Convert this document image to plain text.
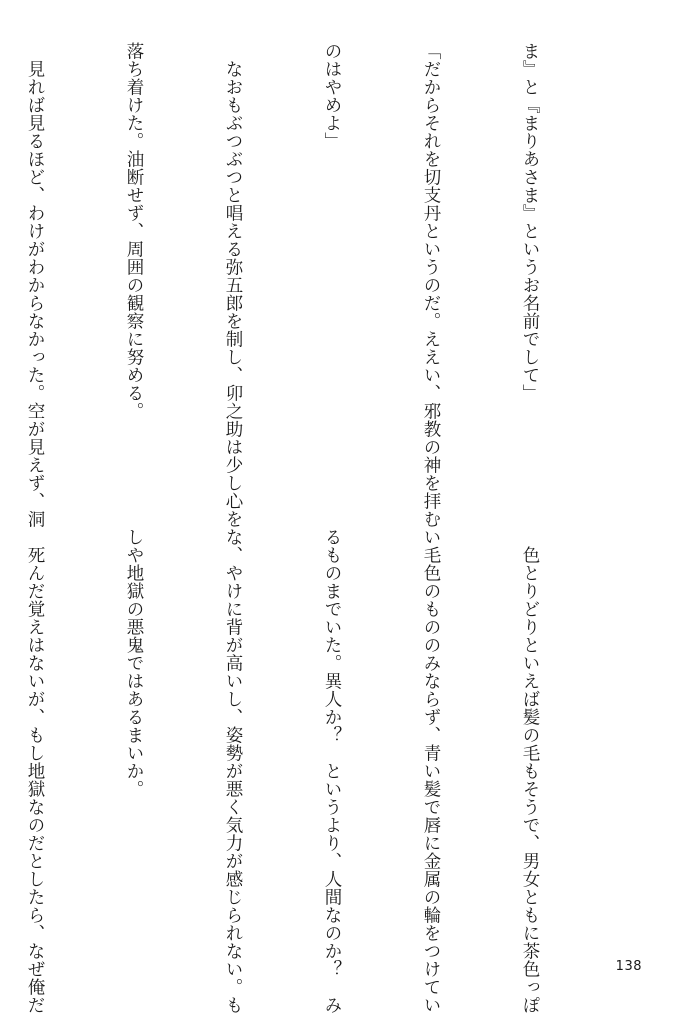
ま』と『まりあさま』というお名前でして」

「だからそれを切支丹というのだ。ええい、邪教の神を拝む

のはやめよ」

　なおもぶつぶつと唱える弥五郎を制し、卯之助は少し心を

落ち着けた。油断せず、周囲の観察に努める。

　見れば見るほど、わけがわからなかった。空が見えず、洞

　色とりどりといえば髪の毛もそうで、男女ともに茶色っぽ

い毛色のもののみならず、青い髪で唇に金属の輪をつけてい

るものまでいた。異人か？　というより、人間なのか？　み

な、やけに背が高いし、姿勢が悪く気力が感じられない。も

しや地獄の悪鬼ではあるまいか。

　死んだ覚えはないが、もし地獄なのだとしたら、なぜ俺だ

	138
